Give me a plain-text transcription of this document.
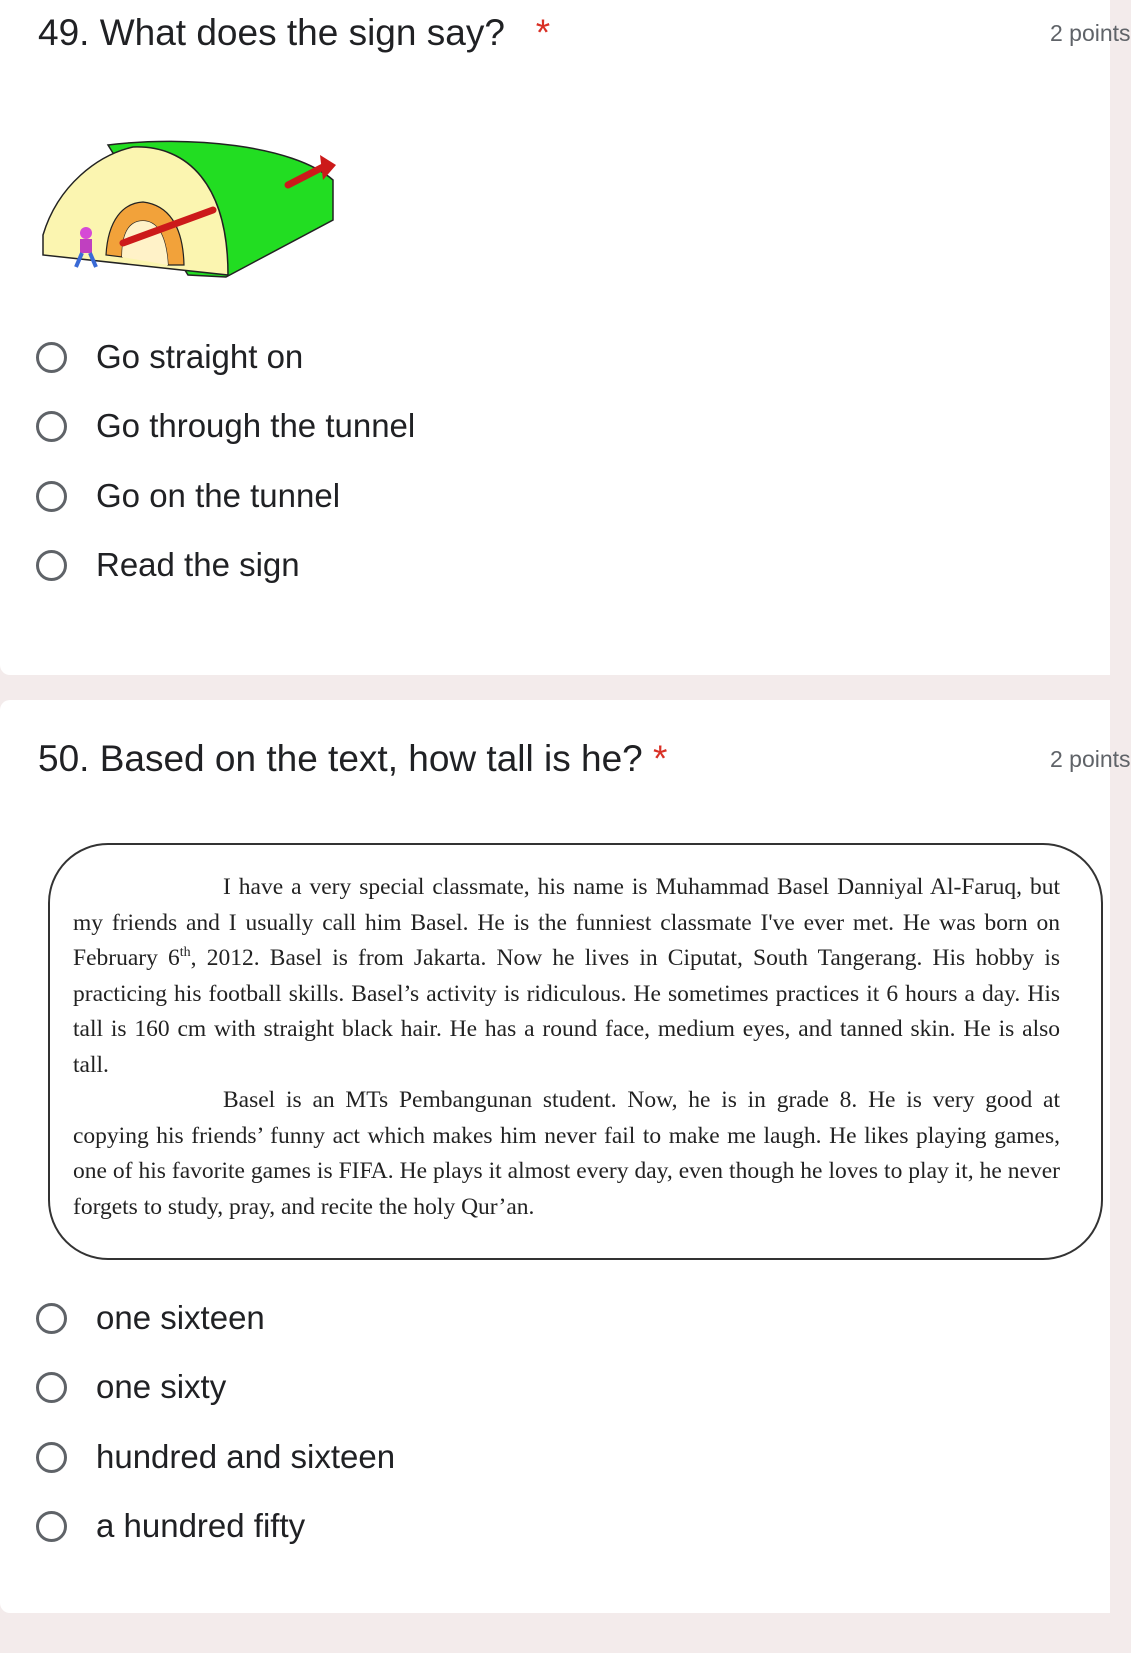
49. What does the sign say? *	2 points
Go straight on
Go through the tunnel
Go on the tunnel
Read the sign
50. Based on the text, how tall is he? *	2 points

I have a very special classmate, his name is Muhammad Basel Danniyal Al-Faruq, but my friends and I usually call him Basel. He is the funniest classmate I've ever met. He was born on February 6th, 2012. Basel is from Jakarta. Now he lives in Ciputat, South Tangerang. His hobby is practicing his football skills. Basel’s activity is ridiculous. He sometimes practices it 6 hours a day. His tall is 160 cm with straight black hair. He has a round face, medium eyes, and tanned skin. He is also tall.

Basel is an MTs Pembangunan student. Now, he is in grade 8. He is very good at copying his friends’ funny act which makes him never fail to make me laugh. He likes playing games, one of his favorite games is FIFA. He plays it almost every day, even though he loves to play it, he never forgets to study, pray, and recite the holy Qur’an.

one sixteen
one sixty
hundred and sixteen
a hundred fifty
